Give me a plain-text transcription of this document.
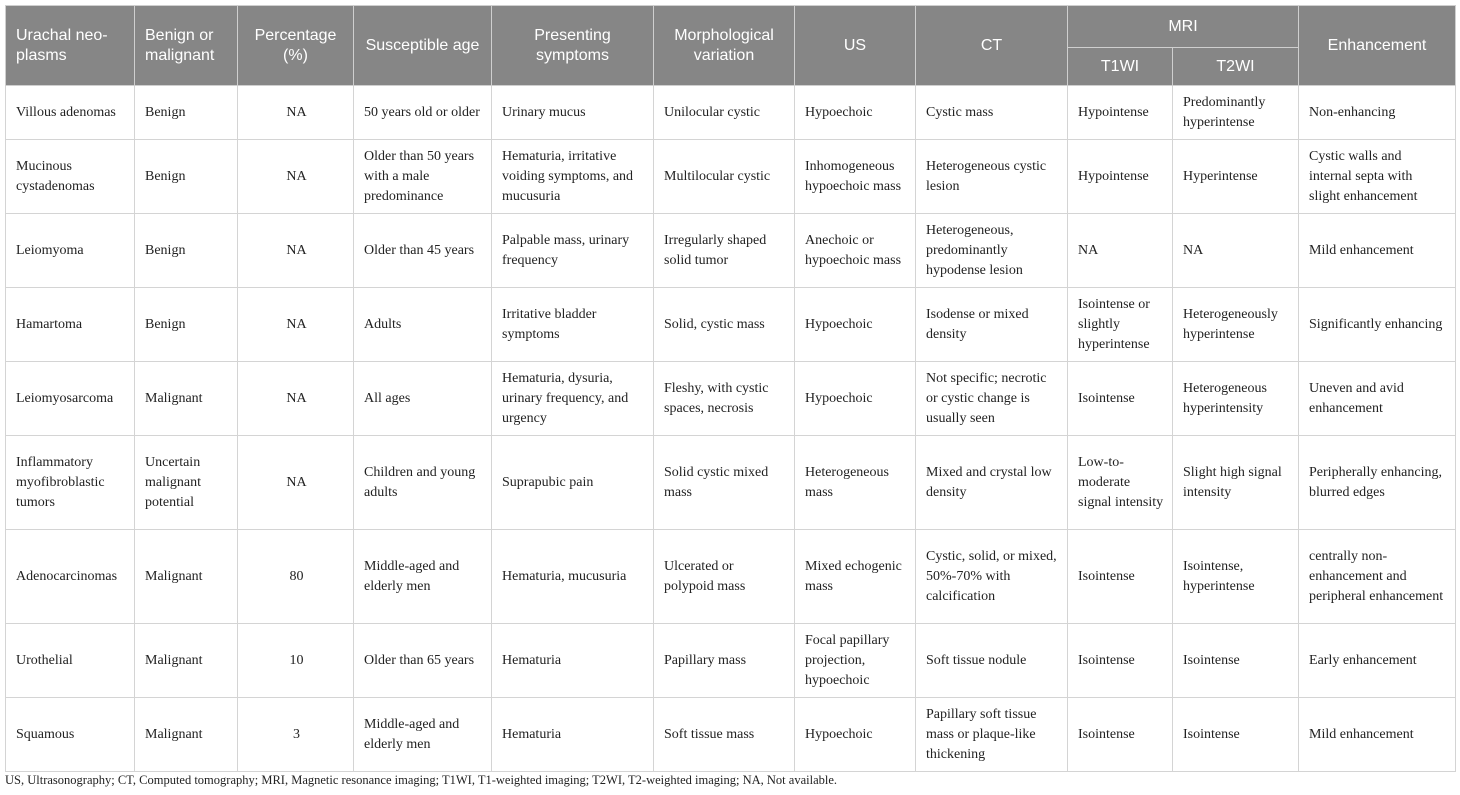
Urachal neo-plasms	Benign or malignant	Percentage (%)	Susceptible age	Presenting symptoms	Morphological variation	US	CT	MRI		Enhancement
								T1WI	T2WI	
Villous adenomas	Benign	NA	50 years old or older	Urinary mucus	Unilocular cystic	Hypoechoic	Cystic mass	Hypointense	Predominantly hyperintense	Non-enhancing
Mucinous cystadenomas	Benign	NA	Older than 50 years with a male predominance	Hematuria, irritative voiding symptoms, and mucusuria	Multilocular cystic	Inhomogeneous hypoechoic mass	Heterogeneous cystic lesion	Hypointense	Hyperintense	Cystic walls and internal septa with slight enhancement
Leiomyoma	Benign	NA	Older than 45 years	Palpable mass, urinary frequency	Irregularly shaped solid tumor	Anechoic or hypoechoic mass	Heterogeneous, predominantly hypodense lesion	NA	NA	Mild enhancement
Hamartoma	Benign	NA	Adults	Irritative bladder symptoms	Solid, cystic mass	Hypoechoic	Isodense or mixed density	Isointense or slightly hyperintense	Heterogeneously hyperintense	Significantly enhancing
Leiomyosarcoma	Malignant	NA	All ages	Hematuria, dysuria, urinary frequency, and urgency	Fleshy, with cystic spaces, necrosis	Hypoechoic	Not specific; necrotic or cystic change is usually seen	Isointense	Heterogeneous hyperintensity	Uneven and avid enhancement
Inflammatory myofibroblastic tumors	Uncertain malignant potential	NA	Children and young adults	Suprapubic pain	Solid cystic mixed mass	Heterogeneous mass	Mixed and crystal low density	Low-to-moderate signal intensity	Slight high signal intensity	Peripherally enhancing, blurred edges
Adenocarcinomas	Malignant	80	Middle-aged and elderly men	Hematuria, mucusuria	Ulcerated or polypoid mass	Mixed echogenic mass	Cystic, solid, or mixed, 50%-70% with calcification	Isointense	Isointense, hyperintense	centrally non-enhancement and peripheral enhancement
Urothelial	Malignant	10	Older than 65 years	Hematuria	Papillary mass	Focal papillary projection, hypoechoic	Soft tissue nodule	Isointense	Isointense	Early enhancement
Squamous	Malignant	3	Middle-aged and elderly men	Hematuria	Soft tissue mass	Hypoechoic	Papillary soft tissue mass or plaque-like thickening	Isointense	Isointense	Mild enhancement
US, Ultrasonography; CT, Computed tomography; MRI, Magnetic resonance imaging; T1WI, T1-weighted imaging; T2WI, T2-weighted imaging; NA, Not available.
